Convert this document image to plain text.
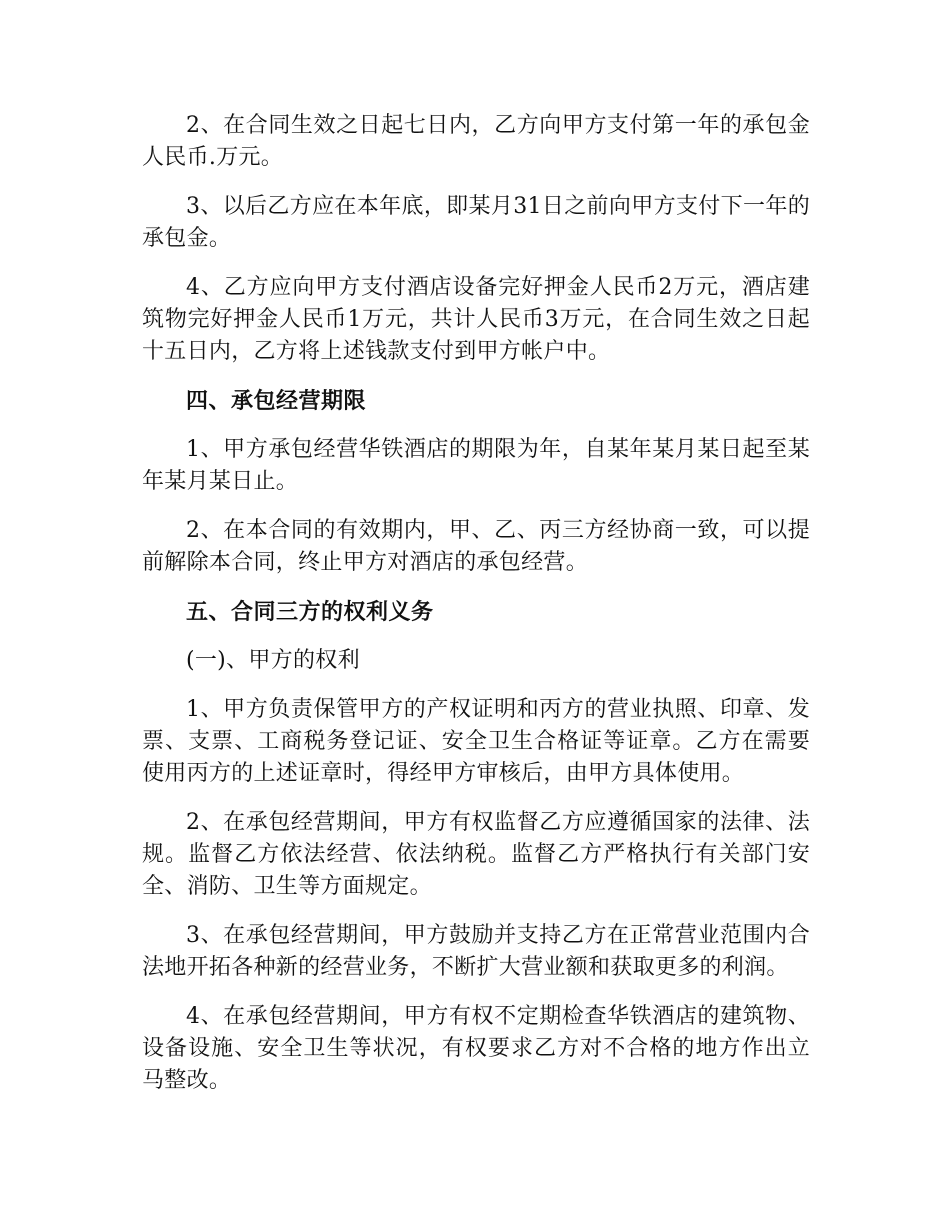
2、在合同生效之日起七日内，乙方向甲方支付第一年的承包金人民币.万元。

3、以后乙方应在本年底，即某月31日之前向甲方支付下一年的承包金。

4、乙方应向甲方支付酒店设备完好押金人民币2万元，酒店建筑物完好押金人民币1万元，共计人民币3万元，在合同生效之日起十五日内，乙方将上述钱款支付到甲方帐户中。

四、承包经营期限

1、甲方承包经营华铁酒店的期限为年，自某年某月某日起至某年某月某日止。

2、在本合同的有效期内，甲、乙、丙三方经协商一致，可以提前解除本合同，终止甲方对酒店的承包经营。

五、合同三方的权利义务

(一)、甲方的权利

1、甲方负责保管甲方的产权证明和丙方的营业执照、印章、发票、支票、工商税务登记证、安全卫生合格证等证章。乙方在需要使用丙方的上述证章时，得经甲方审核后，由甲方具体使用。

2、在承包经营期间，甲方有权监督乙方应遵循国家的法律、法规。监督乙方依法经营、依法纳税。监督乙方严格执行有关部门安全、消防、卫生等方面规定。

3、在承包经营期间，甲方鼓励并支持乙方在正常营业范围内合法地开拓各种新的经营业务，不断扩大营业额和获取更多的利润。

4、在承包经营期间，甲方有权不定期检查华铁酒店的建筑物、设备设施、安全卫生等状况，有权要求乙方对不合格的地方作出立马整改。
